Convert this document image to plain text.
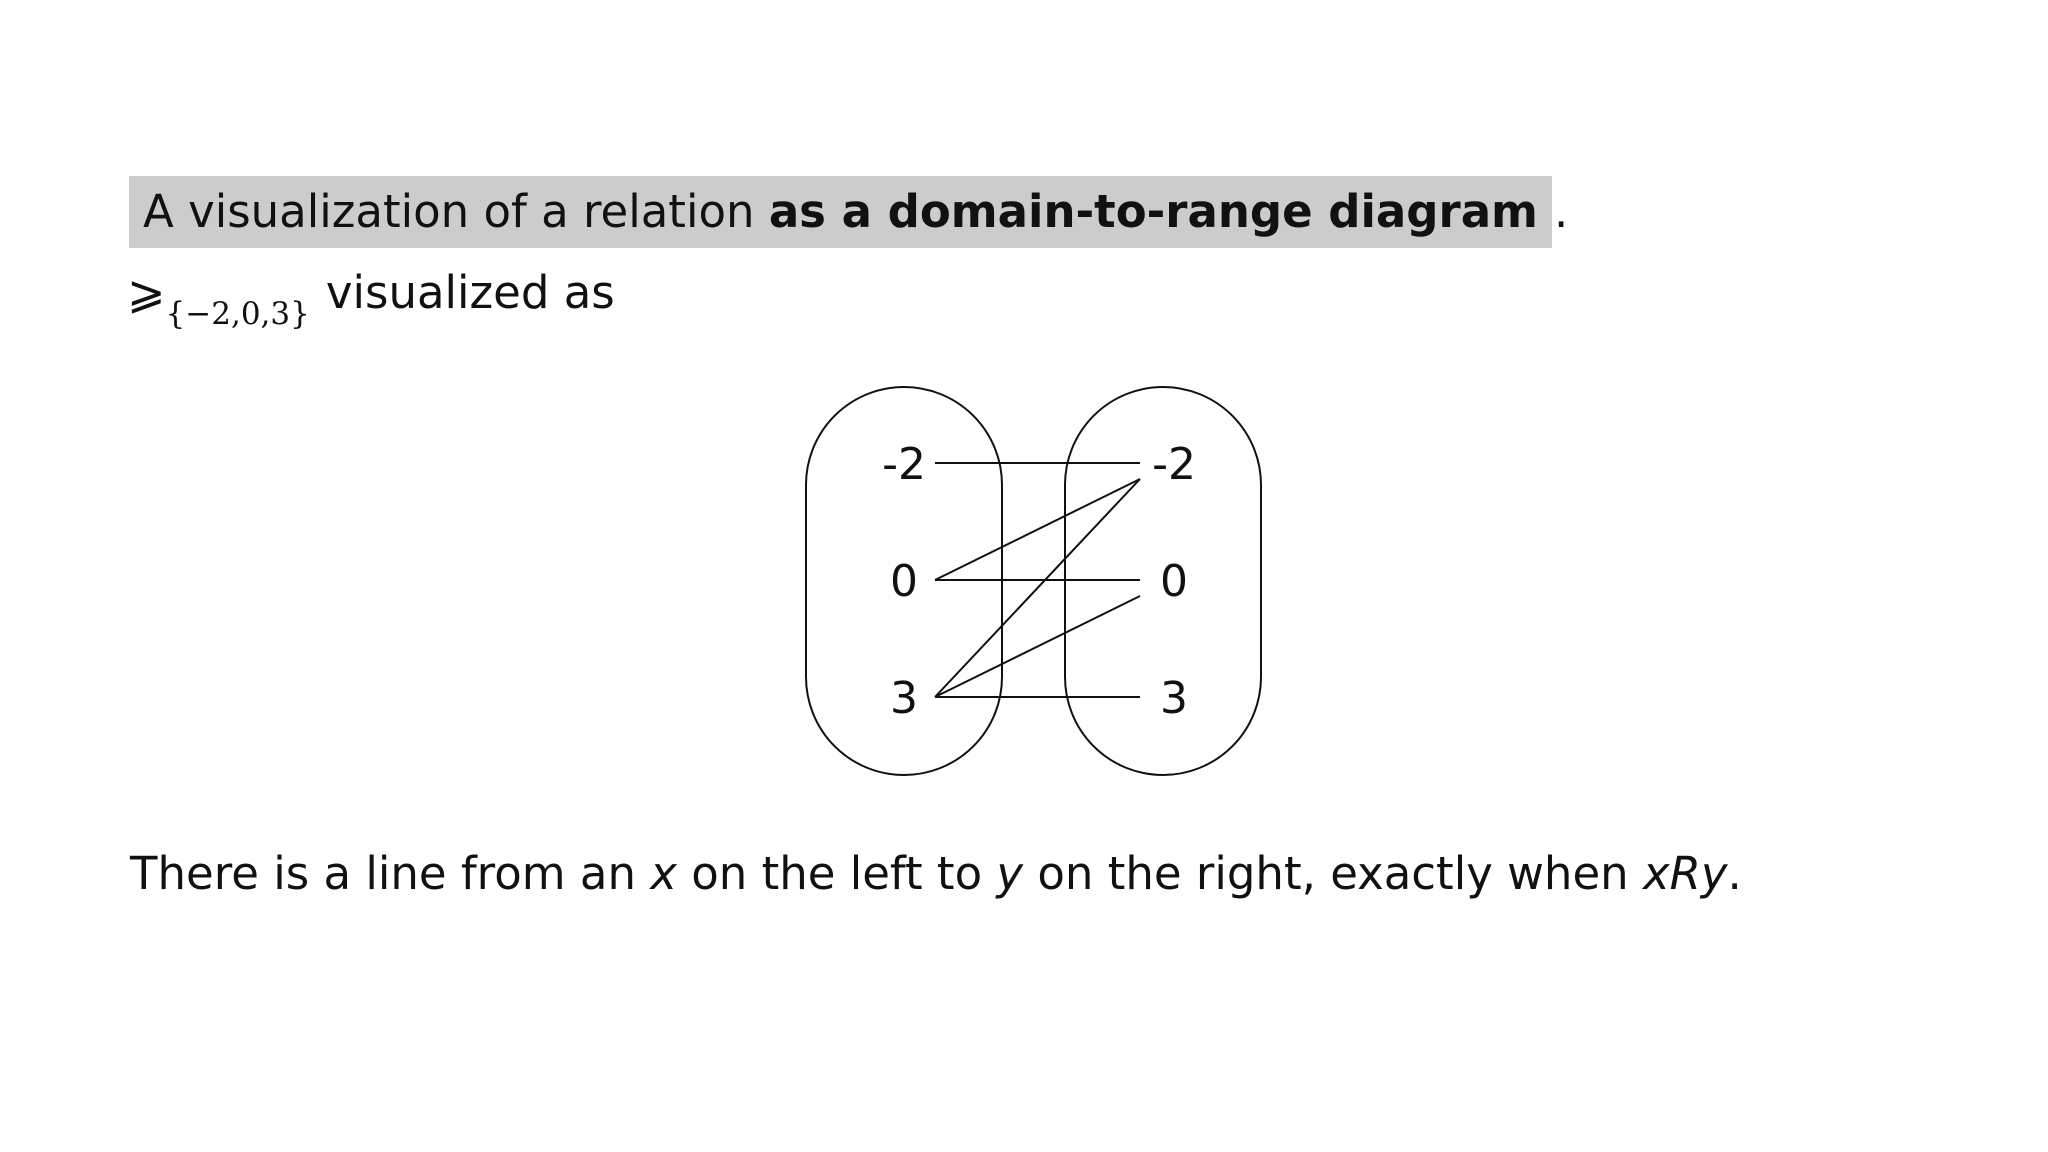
A visualization of a relation as a domain-to-range diagram .
$⩾_{\{-2,0,3\}}$ visualized as
-2
0
3
-2
0
3
There is a line from an x on the left to y on the right, exactly when xRy.
